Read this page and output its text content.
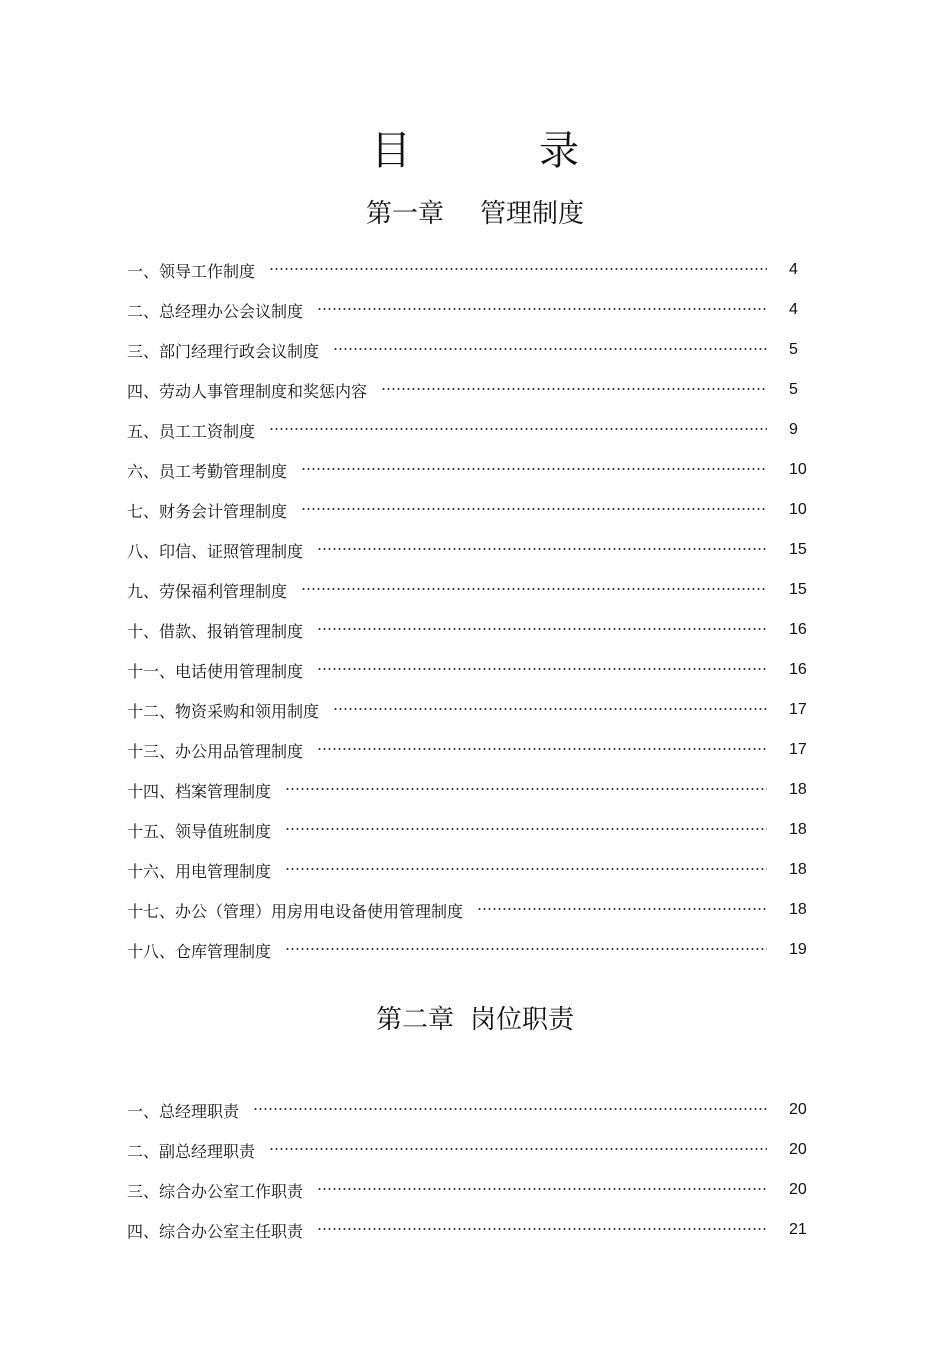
目　录
第一章 管理制度
一、领导工作制度	4
二、总经理办公会议制度	4
三、部门经理行政会议制度	5
四、劳动人事管理制度和奖惩内容	5
五、员工工资制度	9
六、员工考勤管理制度	10
七、财务会计管理制度	10
八、印信、证照管理制度	15
九、劳保福利管理制度	15
十、借款、报销管理制度	16
十一、电话使用管理制度	16
十二、物资采购和领用制度	17
十三、办公用品管理制度	17
十四、档案管理制度	18
十五、领导值班制度	18
十六、用电管理制度	18
十七、办公（管理）用房用电设备使用管理制度	18
十八、仓库管理制度	19
第二章 岗位职责
一、总经理职责	20
二、副总经理职责	20
三、综合办公室工作职责	20
四、综合办公室主任职责	21
